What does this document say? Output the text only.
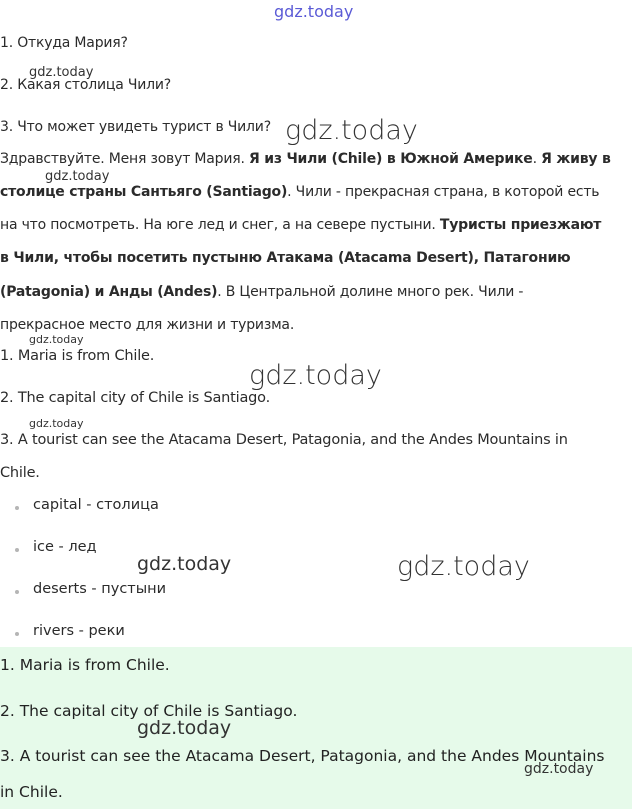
gdz.today
gdz.today
gdz.today
gdz.today
gdz.today
gdz.today
gdz.today
gdz.today	gdz.today
1. Откуда Мария?
2. Какая столица Чили?
3. Что может увидеть турист в Чили?
Здравствуйте. Меня зовут Мария. Я из Чили (Chile) в Южной Америке. Я живу в
столице страны Сантьяго (Santiago). Чили - прекрасная страна, в которой есть
на что посмотреть. На юге лед и снег, а на севере пустыни. Туристы приезжают
в Чили, чтобы посетить пустыню Атакама (Atacama Desert), Патагонию
(Patagonia) и Анды (Andes). В Центральной долине много рек. Чили -
прекрасное место для жизни и туризма.
1. Maria is from Chile.
2. The capital city of Chile is Santiago.
3. A tourist can see the Atacama Desert, Patagonia, and the Andes Mountains in
Chile.
capital - столица
ice - лед
deserts - пустыни
rivers - реки
1. Maria is from Chile.
2. The capital city of Chile is Santiago.
3. A tourist can see the Atacama Desert, Patagonia, and the Andes Mountains
in Chile.
gdz.today
gdz.today
